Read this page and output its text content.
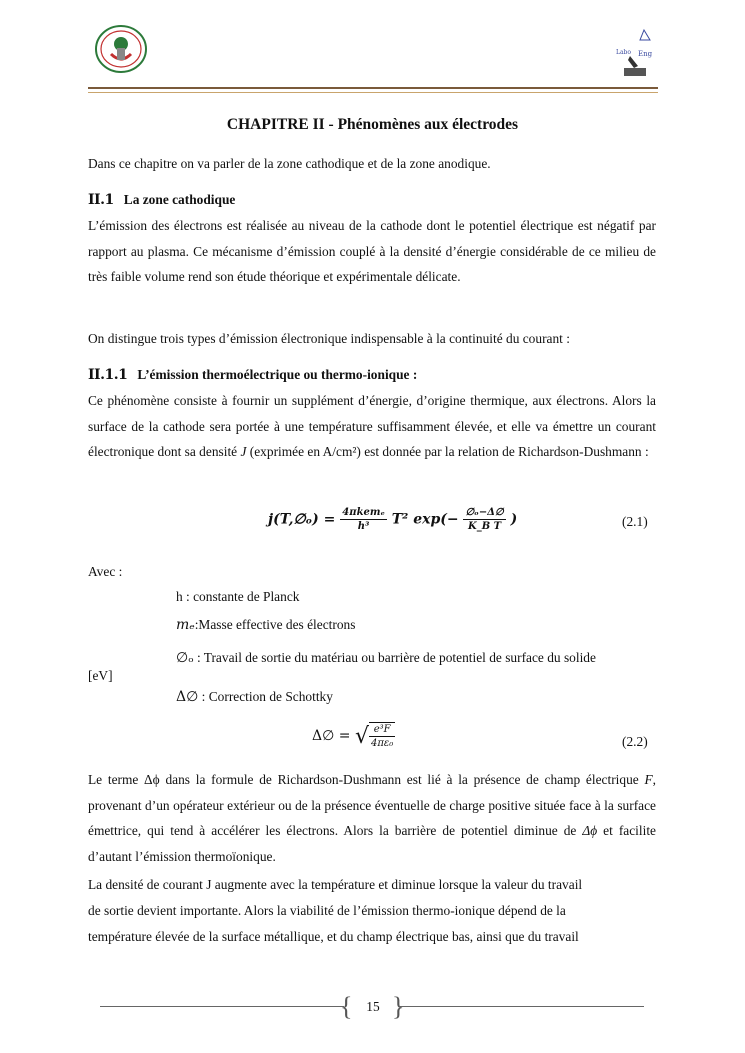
Labo Eng
CHAPITRE II - Phénomènes aux électrodes
Dans ce chapitre on va parler de la zone cathodique et de la zone anodique.
II.1 La zone cathodique
L’émission des électrons est réalisée au niveau de la cathode dont le potentiel électrique est négatif par rapport au plasma. Ce mécanisme d’émission couplé à la densité d’énergie considérable de ce milieu de très faible volume rend son étude théorique et expérimentale délicate.
On distingue trois types d’émission électronique indispensable à la continuité du courant :
II.1.1 L’émission thermoélectrique ou thermo-ionique :
Ce phénomène consiste à fournir un supplément d’énergie, d’origine thermique, aux électrons. Alors la surface de la cathode sera portée à une température suffisamment élevée, et elle va émettre un courant électronique dont sa densité J (exprimée en A/cm²) est donnée par la relation de Richardson-Dushmann :
j(T,∅ₒ) = $\frac{\text{4πkemₑ}}{\text{h³}} T^2$ $\exp(- \frac{\text{∅ₒ−Δ∅}}{\text{K\_B T}}$ )	(2.1)
Avec :
h : constante de Planck
mₑ:Masse effective des électrons
∅ₒ : Travail de sortie du matériau ou barrière de potentiel de surface du solide
[eV]
Δ∅ : Correction de Schottky
Δ∅ = √ $\frac{\text{e³F}}{\text{4πε₀}}$	(2.2)
Le terme Δϕ dans la formule de Richardson-Dushmann est lié à la présence de champ électrique F, provenant d’un opérateur extérieur ou de la présence éventuelle de charge positive située face à la surface émettrice, qui tend à accélérer les électrons. Alors la barrière de potentiel diminue de Δϕ et facilite d’autant l’émission thermoïonique.
La densité de courant J augmente avec la température et diminue lorsque la valeur du travail
de sortie devient importante. Alors la viabilité de l’émission thermo-ionique dépend de la
température élevée de la surface métallique, et du champ électrique bas, ainsi que du travail
{ }
15
